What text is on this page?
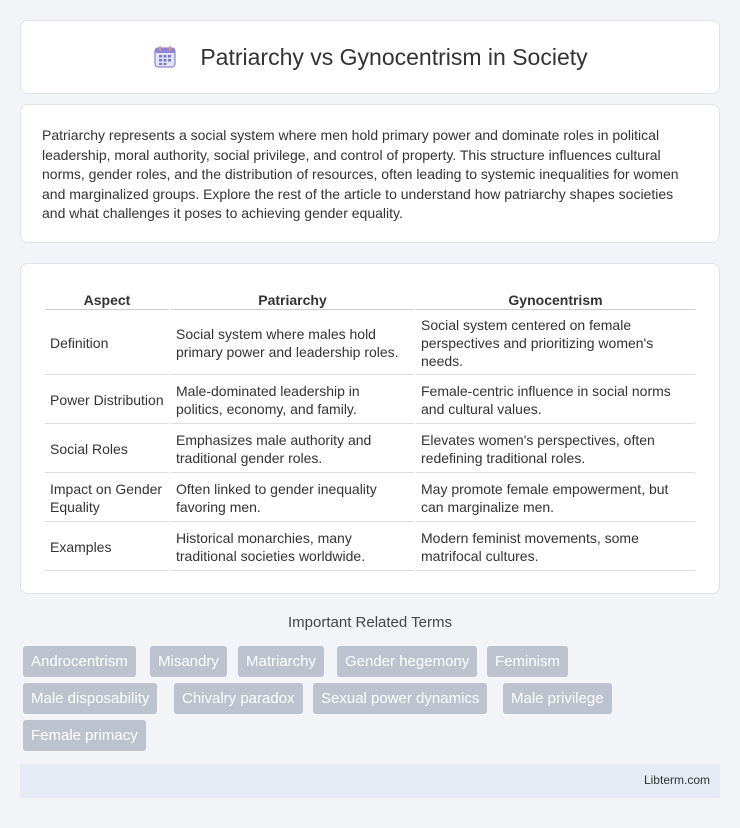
Patriarchy vs Gynocentrism in Society

Patriarchy represents a social system where men hold primary power and dominate roles in political leadership, moral authority, social privilege, and control of property. This structure influences cultural norms, gender roles, and the distribution of resources, often leading to systemic inequalities for women and marginalized groups. Explore the rest of the article to understand how patriarchy shapes societies and what challenges it poses to achieving gender equality.

Aspect	Patriarchy	Gynocentrism
Definition	Social system where males hold primary power and leadership roles.	Social system centered on female perspectives and prioritizing women's needs.
Power Distribution	Male-dominated leadership in politics, economy, and family.	Female-centric influence in social norms and cultural values.
Social Roles	Emphasizes male authority and traditional gender roles.	Elevates women's perspectives, often redefining traditional roles.
Impact on Gender Equality	Often linked to gender inequality favoring men.	May promote female empowerment, but can marginalize men.
Examples	Historical monarchies, many traditional societies worldwide.	Modern feminist movements, some matrifocal cultures.
Important Related Terms
Androcentrism	Misandry	Matriarchy	Gender hegemony	Feminism
Male disposability	Chivalry paradox	Sexual power dynamics	Male privilege
Female primacy
Libterm.com
